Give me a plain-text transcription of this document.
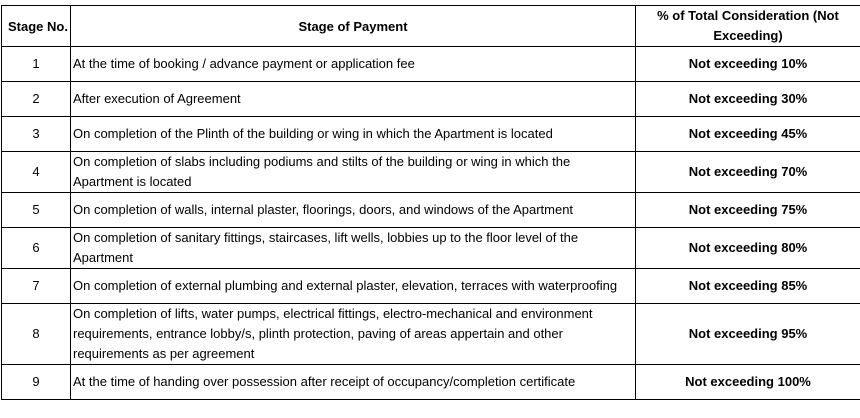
Stage No.	Stage of Payment	% of Total Consideration (Not Exceeding)
1	At the time of booking / advance payment or application fee	Not exceeding 10%
2	After execution of Agreement	Not exceeding 30%
3	On completion of the Plinth of the building or wing in which the Apartment is located	Not exceeding 45%
4	On completion of slabs including podiums and stilts of the building or wing in which the Apartment is located	Not exceeding 70%
5	On completion of walls, internal plaster, floorings, doors, and windows of the Apartment	Not exceeding 75%
6	On completion of sanitary fittings, staircases, lift wells, lobbies up to the floor level of the Apartment	Not exceeding 80%
7	On completion of external plumbing and external plaster, elevation, terraces with waterproofing	Not exceeding 85%
8	On completion of lifts, water pumps, electrical fittings, electro-mechanical and environment requirements, entrance lobby/s, plinth protection, paving of areas appertain and other requirements as per agreement	Not exceeding 95%
9	At the time of handing over possession after receipt of occupancy/completion certificate	Not exceeding 100%
